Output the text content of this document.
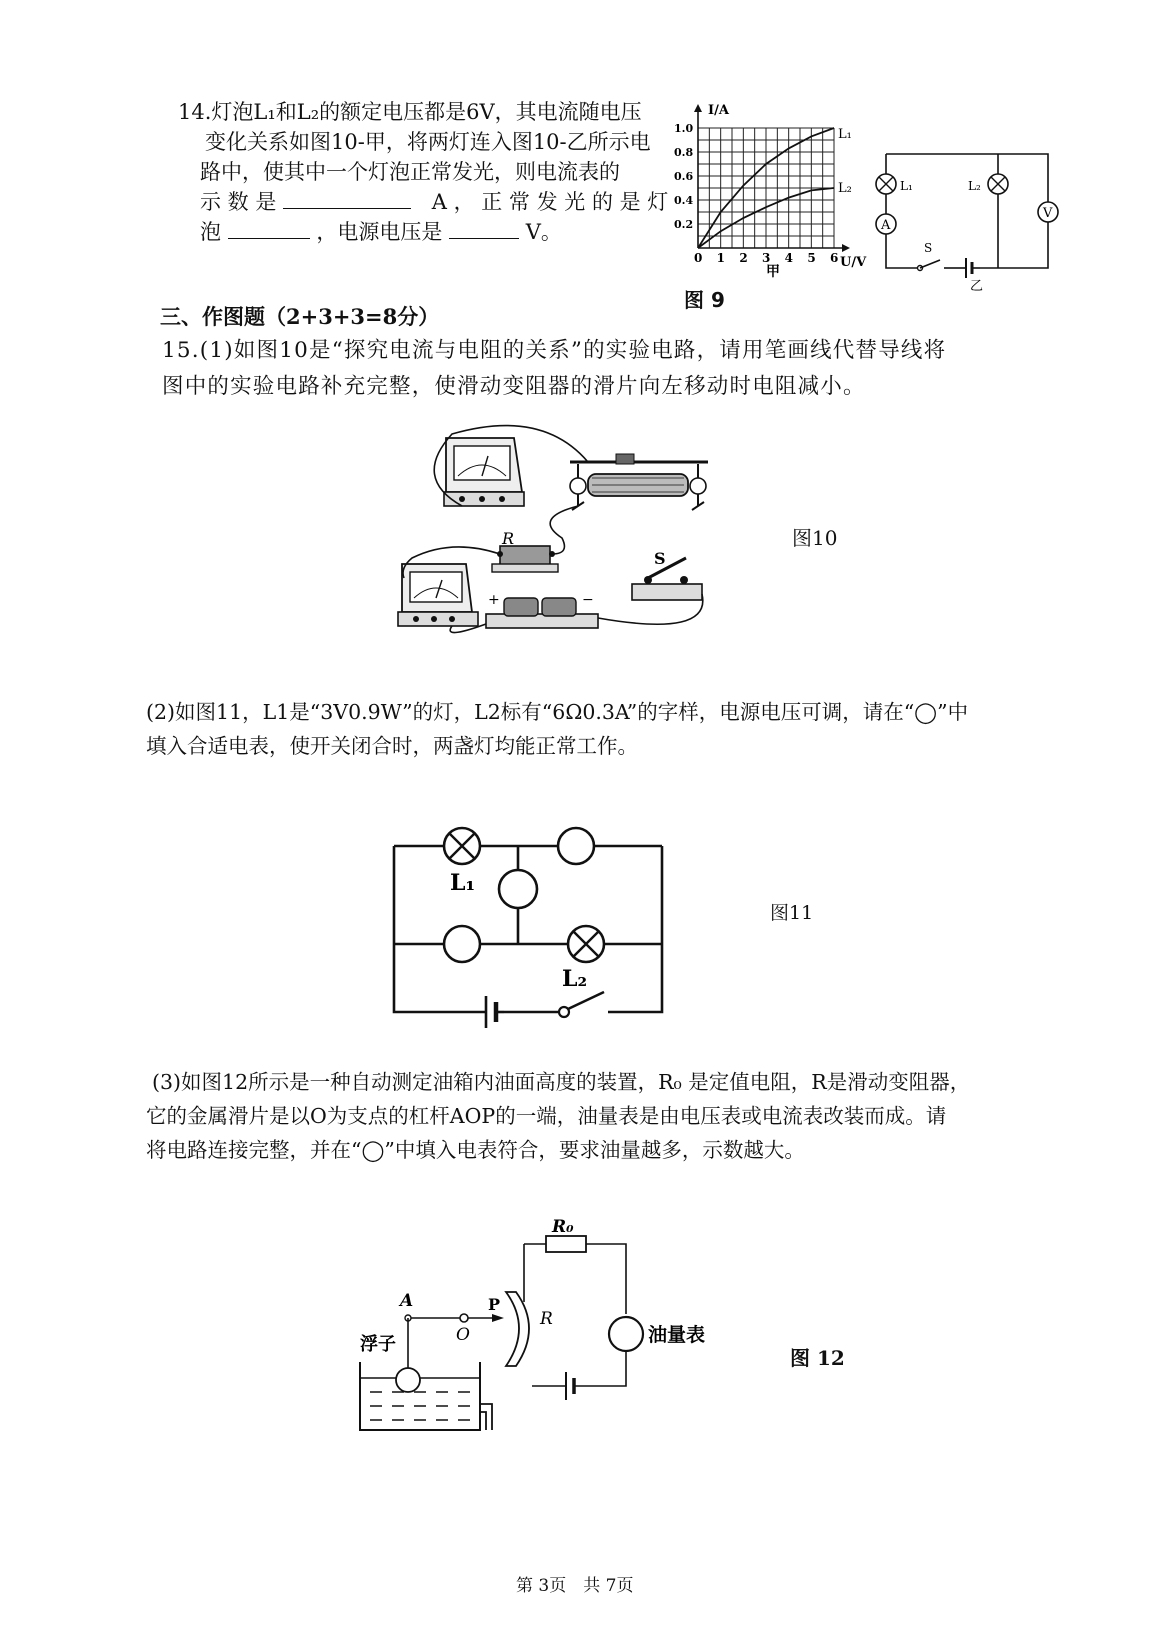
14.灯泡L₁和L₂的额定电压都是6V，其电流随电压
变化关系如图10-甲，将两灯连入图10-乙所示电
路中，使其中一个灯泡正常发光，则电流表的
示 数 是	A ， 正 常 发 光 的 是 灯
泡	，电源电压是	V。
0 1 2 3 4 5 6
1.0
0.8
0.6
0.4
0.2
I/A
U/V
甲
L₁
L₂
S
乙
L₁
A
L₂
V
图 9
三、作图题（2+3+3=8分）
15.(1)如图10是“探究电流与电阻的关系”的实验电路，请用笔画线代替导线将
图中的实验电路补充完整，使滑动变阻器的滑片向左移动时电阻减小。
R
+	−
S
图10
(2)如图11，L1是“3V0.9W”的灯，L2标有“6Ω0.3A”的字样，电源电压可调，请在“◯”中
填入合适电表，使开关闭合时，两盏灯均能正常工作。
L₁
L₂
图11
(3)如图12所示是一种自动测定油箱内油面高度的装置，R₀ 是定值电阻，R是滑动变阻器，
它的金属滑片是以O为支点的杠杆AOP的一端，油量表是由电压表或电流表改装而成。请
将电路连接完整，并在“◯”中填入电表符合，要求油量越多，示数越大。
R₀
R
A
O
P
浮子	油量表
图 12
第 3页　共 7页
